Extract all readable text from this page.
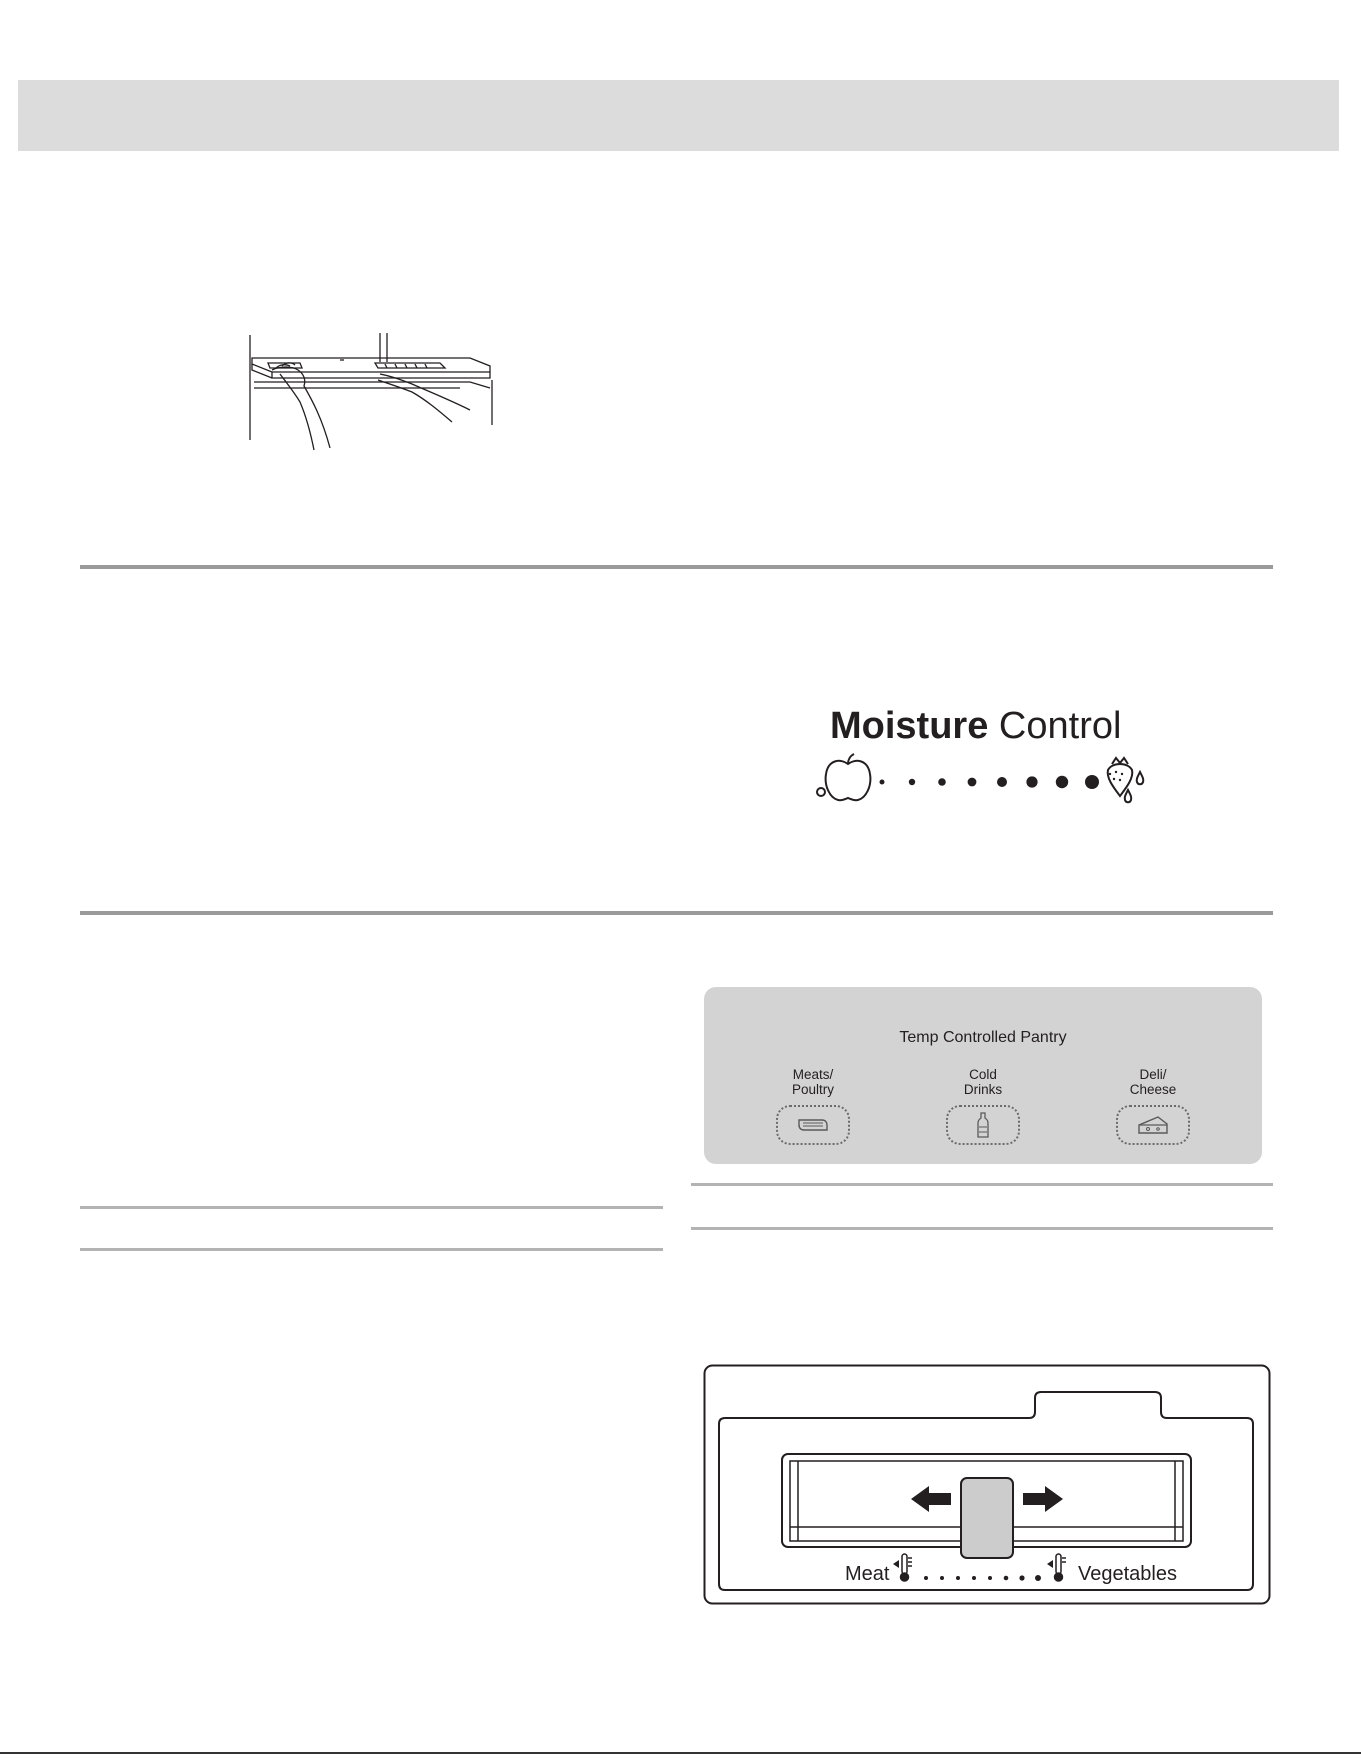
Moisture Control
Temp Controlled Pantry
Meats/
Poultry
Cold
Drinks
Deli/
Cheese
Meat	Vegetables
